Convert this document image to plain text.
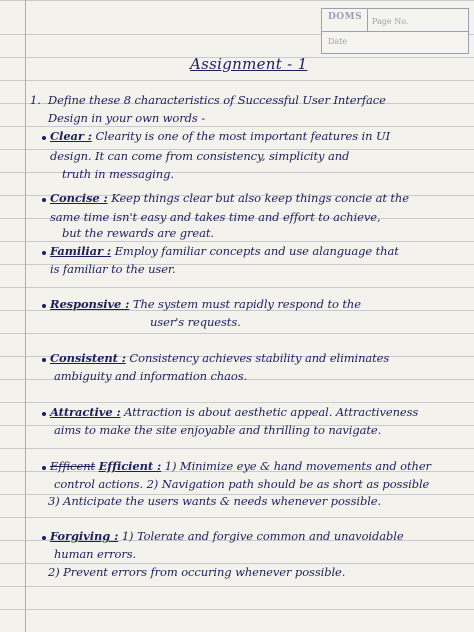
DOMS Page No.
Date
Assignment - 1
1. Define these 8 characteristics of Successful User Interface
Design in your own words -
Clear : Clearity is one of the most important features in UI
design. It can come from consistency, simplicity and
truth in messaging.
Concise : Keep things clear but also keep things concie at the
same time isn't easy and takes time and effort to achieve,
but the rewards are great.
Familiar : Employ familiar concepts and use alanguage that
is familiar to the user.
Responsive : The system must rapidly respond to the
user's requests.
Consistent : Consistency achieves stability and eliminates
ambiguity and information chaos.
Attractive : Attraction is about aesthetic appeal. Attractiveness
aims to make the site enjoyable and thrilling to navigate.
Efficent Efficient : 1) Minimize eye & hand movements and other
control actions. 2) Navigation path should be as short as possible
3) Anticipate the users wants & needs whenever possible.
Forgiving : 1) Tolerate and forgive common and unavoidable
human errors.
2) Prevent errors from occuring whenever possible.
